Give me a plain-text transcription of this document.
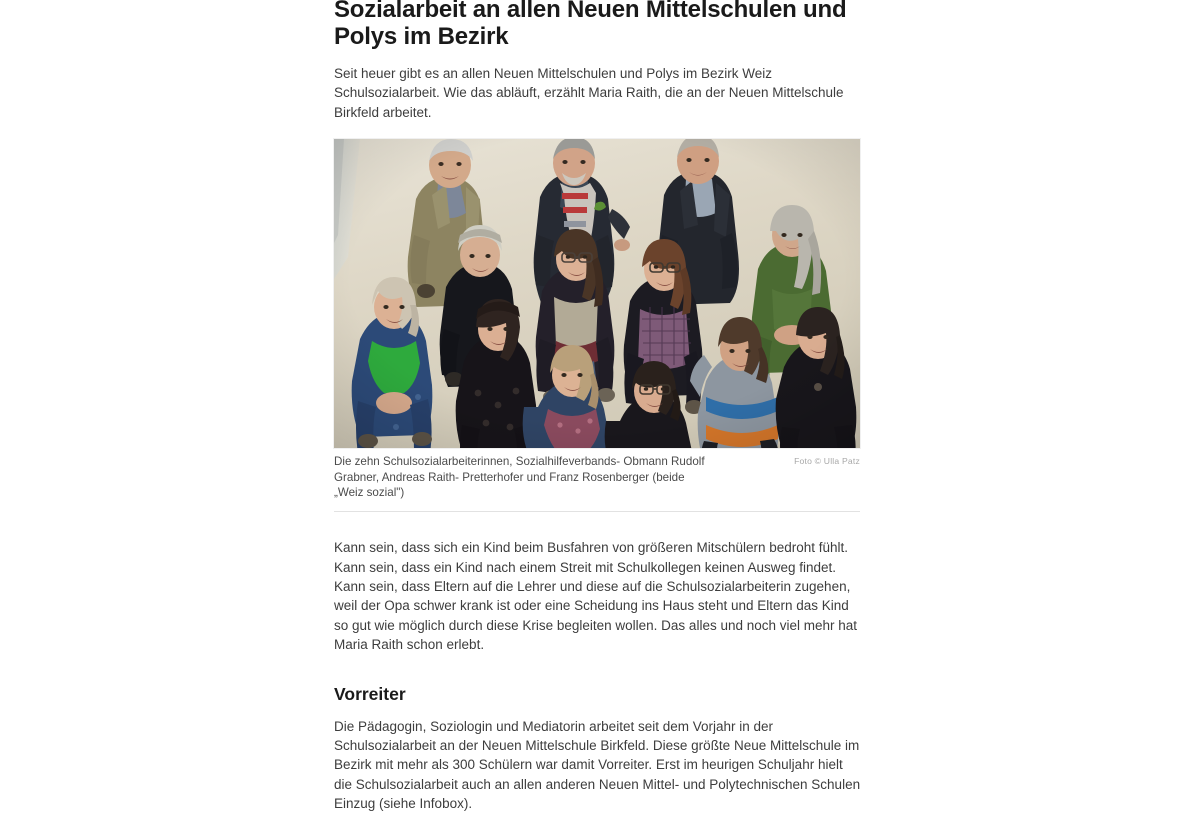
Sozialarbeit an allen Neuen Mittelschulen und Polys im Bezirk

Seit heuer gibt es an allen Neuen Mittelschulen und Polys im Bezirk Weiz Schulsozialarbeit. Wie das abläuft, erzählt Maria Raith, die an der Neuen Mittelschule Birkfeld arbeitet.

Die zehn Schulsozialarbeiterinnen, Sozialhilfeverbands- Obmann Rudolf Grabner, Andreas Raith- Pretterhofer und Franz Rosenberger (beide „Weiz sozial")

Foto © Ulla Patz

Kann sein, dass sich ein Kind beim Busfahren von größeren Mitschülern bedroht fühlt. Kann sein, dass ein Kind nach einem Streit mit Schulkollegen keinen Ausweg findet. Kann sein, dass Eltern auf die Lehrer und diese auf die Schulsozialarbeiterin zugehen, weil der Opa schwer krank ist oder eine Scheidung ins Haus steht und Eltern das Kind so gut wie möglich durch diese Krise begleiten wollen. Das alles und noch viel mehr hat Maria Raith schon erlebt.

Vorreiter

Die Pädagogin, Soziologin und Mediatorin arbeitet seit dem Vorjahr in der Schulsozialarbeit an der Neuen Mittelschule Birkfeld. Diese größte Neue Mittelschule im Bezirk mit mehr als 300 Schülern war damit Vorreiter. Erst im heurigen Schuljahr hielt die Schulsozialarbeit auch an allen anderen Neuen Mittel- und Polytechnischen Schulen Einzug (siehe Infobox).
